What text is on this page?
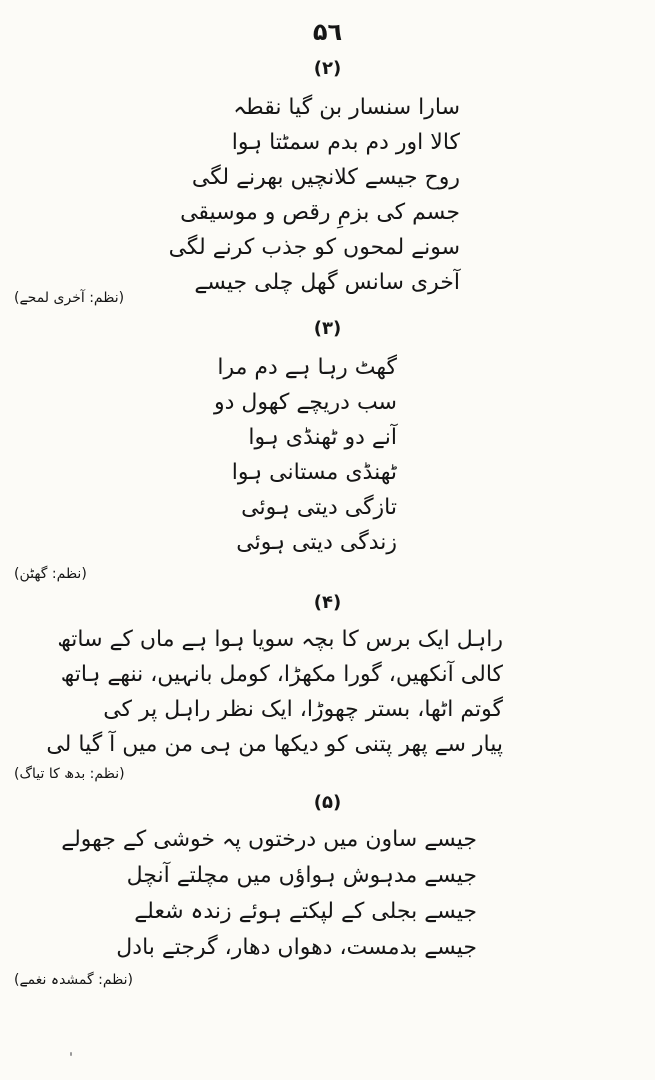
۵٦
(۲)
سارا سنسار بن گیا نقطہ
کالا اور دم بدم سمٹتا ہوا
روح جیسے کلانچیں بھرنے لگی
جسم کی بزمِ رقص و موسیقی
سونے لمحوں کو جذب کرنے لگی
آخری سانس گھل چلی جیسے
(نظم: آخری لمحے)
(۳)
گھٹ رہا ہے دم مرا
سب دریچے کھول دو
آنے دو ٹھنڈی ہوا
ٹھنڈی مستانی ہوا
تازگی دیتی ہوئی
زندگی دیتی ہوئی
(نظم: گھٹن)
(۴)
راہل ایک برس کا بچہ سویا ہوا ہے ماں کے ساتھ
کالی آنکھیں، گورا مکھڑا، کومل بانہیں، ننھے ہاتھ
گوتم اٹھا، بستر چھوڑا، ایک نظر راہل پر کی
پیار سے پھر پتنی کو دیکھا من ہی من میں آ گیا لی
(نظم: بدھ کا تیاگ)
(۵)
جیسے ساون میں درختوں پہ خوشی کے جھولے
جیسے مدہوش ہواؤں میں مچلتے آنچل
جیسے بجلی کے لپکتے ہوئے زندہ شعلے
جیسے بدمست، دھواں دھار، گرجتے بادل
(نظم: گمشدہ نغمے)
